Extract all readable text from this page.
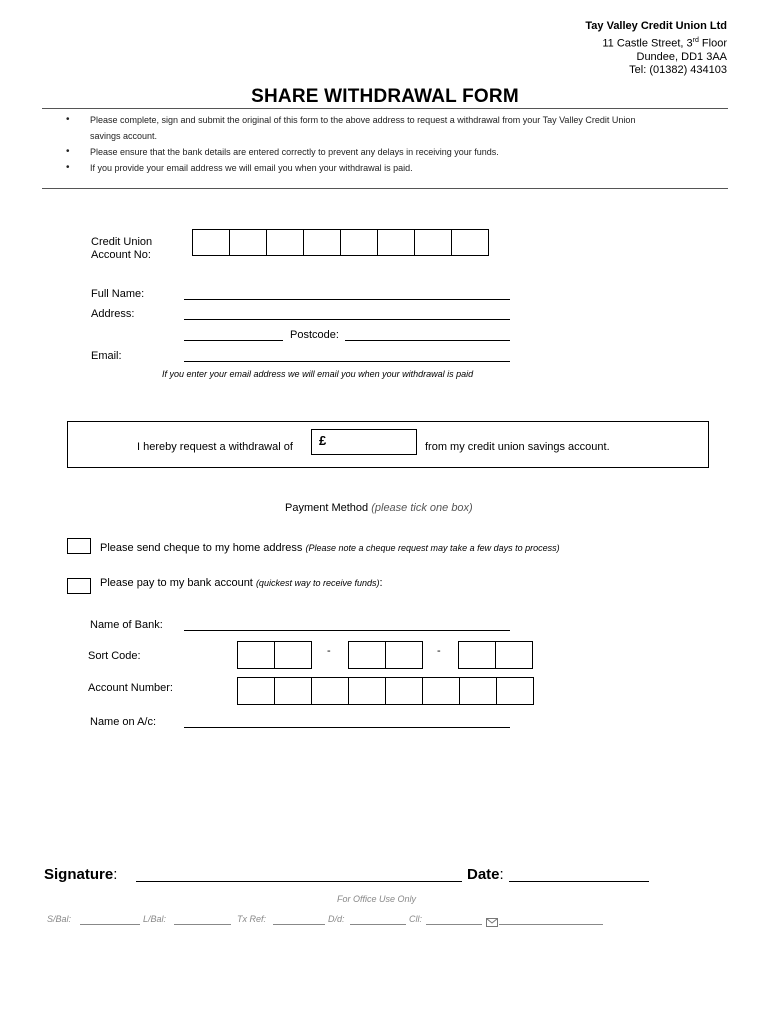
Tay Valley Credit Union Ltd
11 Castle Street, 3rd Floor
Dundee, DD1 3AA
Tel: (01382) 434103
SHARE WITHDRAWAL FORM
• Please complete, sign and submit the original of this form to the above address to request a withdrawal from your Tay Valley Credit Union
savings account.
• Please ensure that the bank details are entered correctly to prevent any delays in receiving your funds.
• If you provide your email address we will email you when your withdrawal is paid.
Credit Union
Account No:
Full Name:
Address:
Postcode:
Email:
If you enter your email address we will email you when your withdrawal is paid
I hereby request a withdrawal of £	from my credit union savings account.
Payment Method (please tick one box)
Please send cheque to my home address (Please note a cheque request may take a few days to process)
Please pay to my bank account (quickest way to receive funds):
Name of Bank:
Sort Code:	-	-
Account Number:
Name on A/c:
Signature:	Date:
For Office Use Only
S/Bal:	L/Bal:	Tx Ref:	D/d:	Cll:
